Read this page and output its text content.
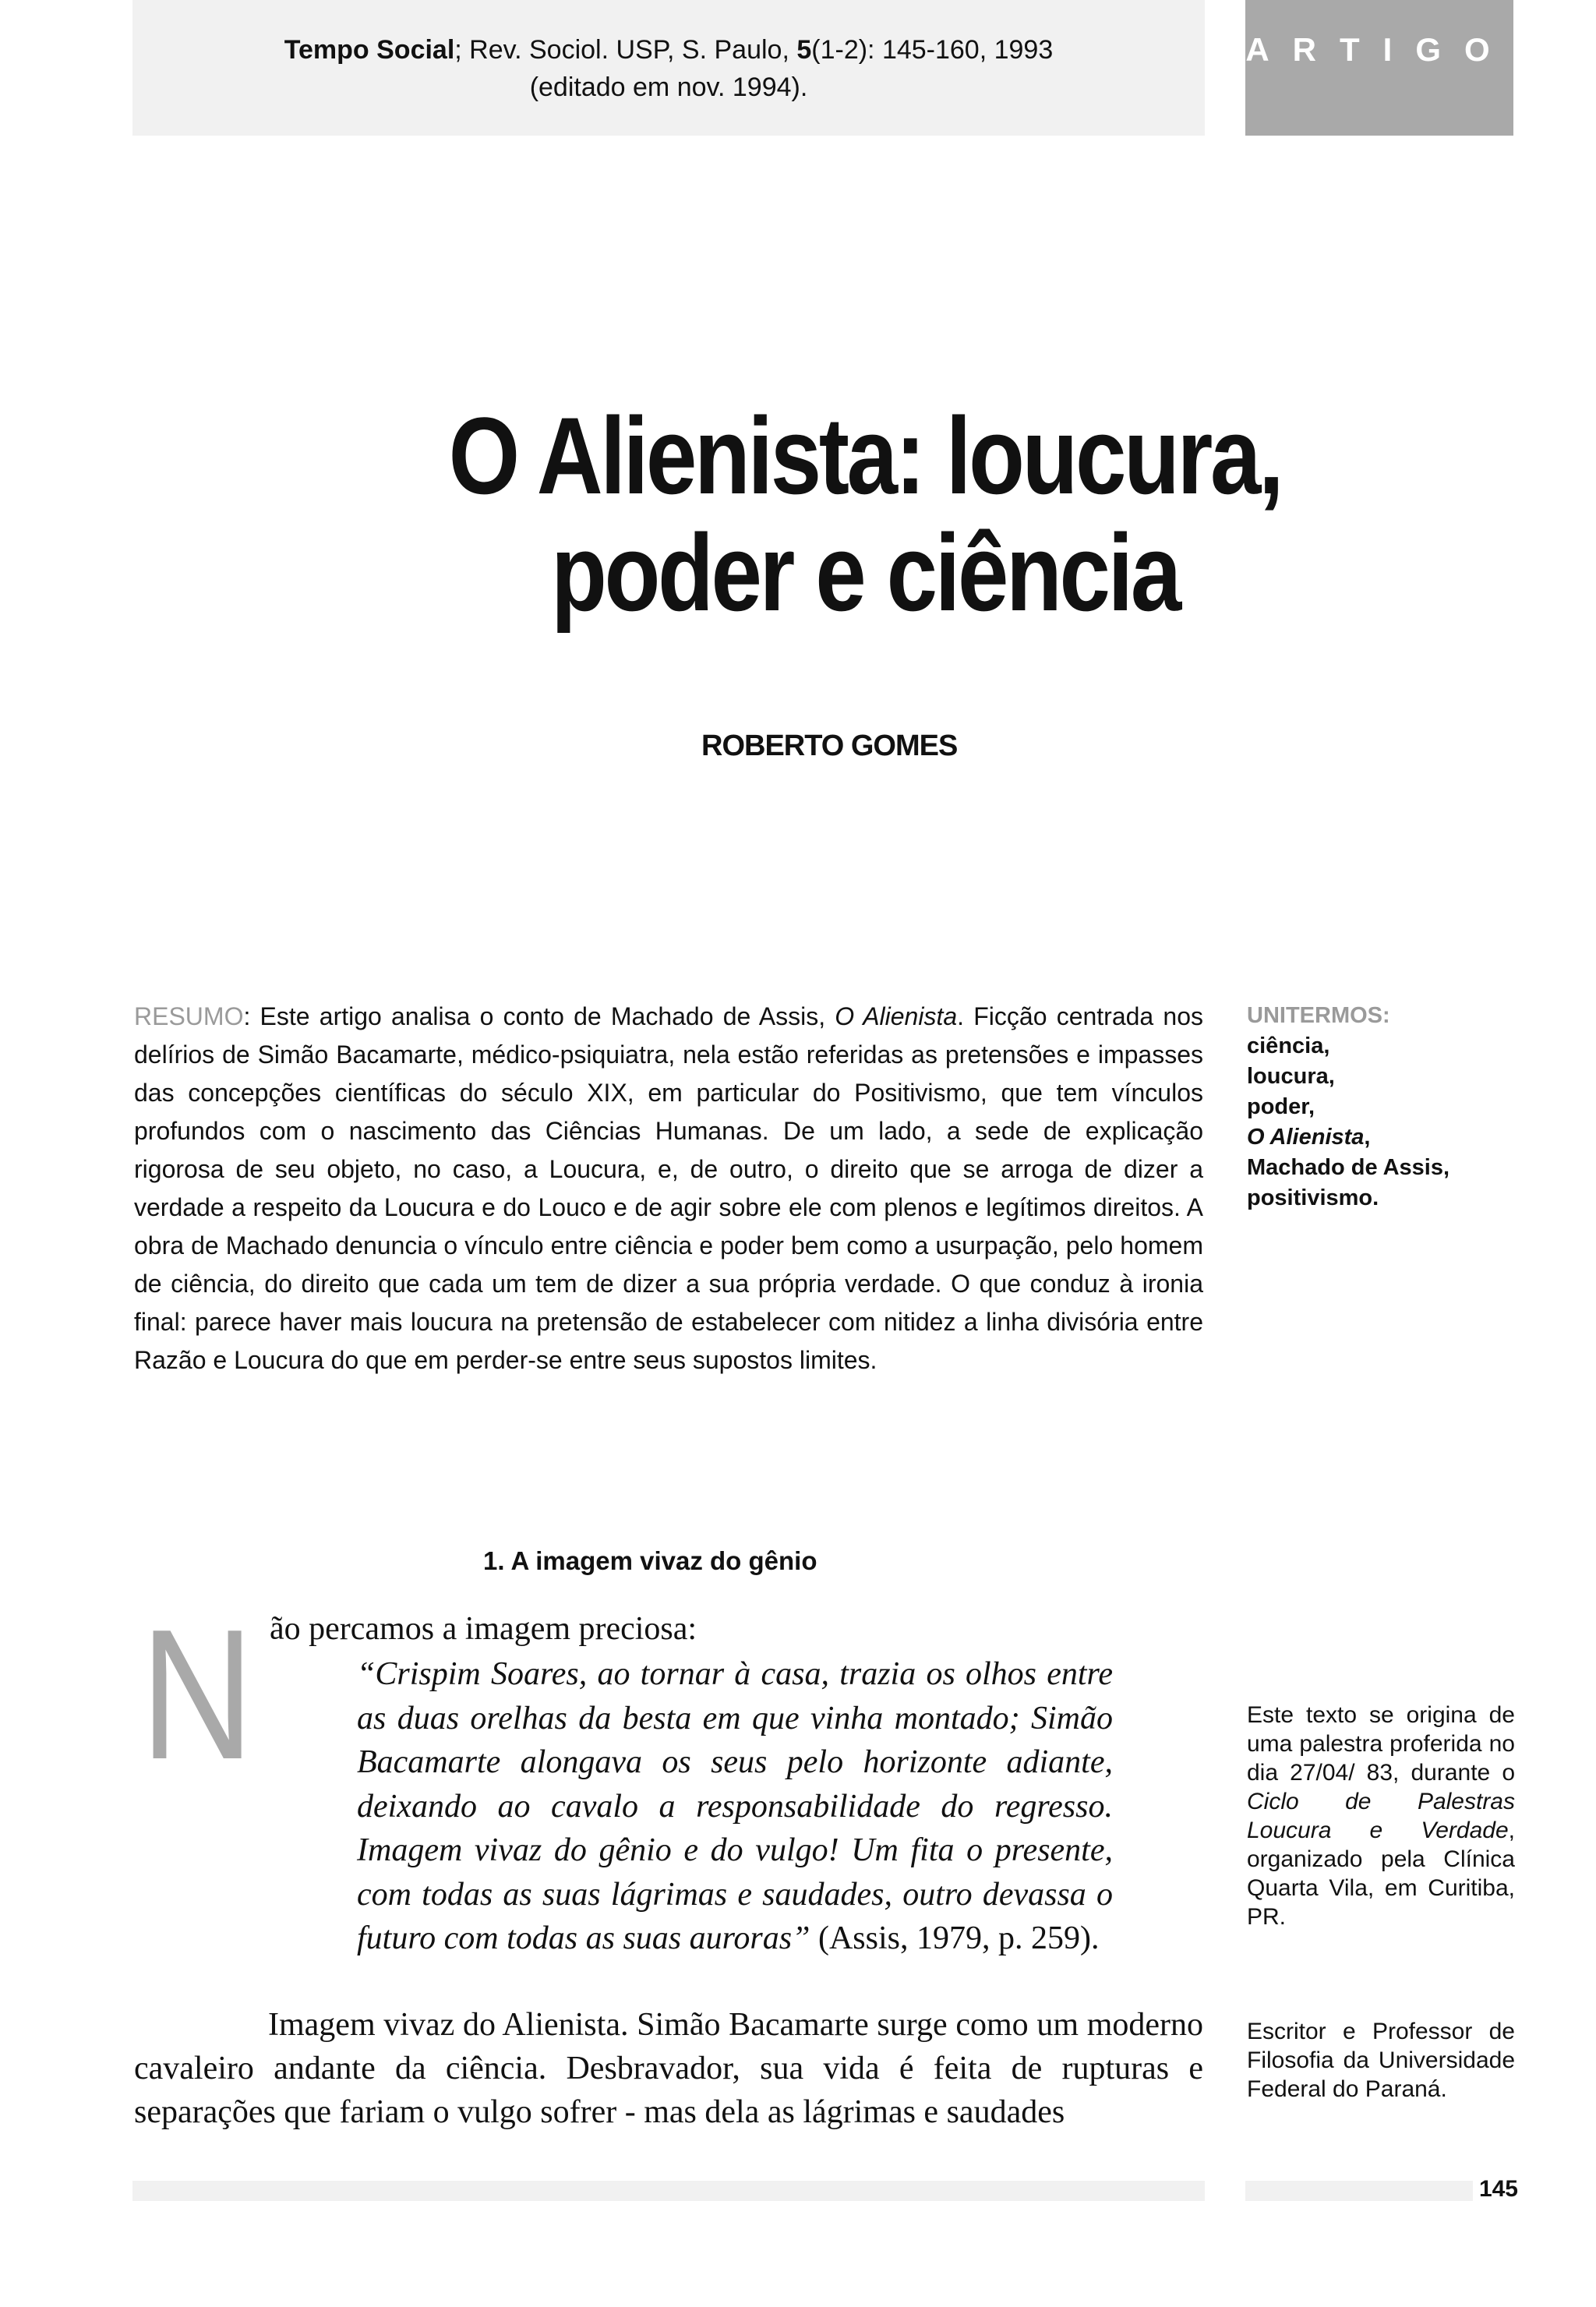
Tempo Social; Rev. Sociol. USP, S. Paulo, 5(1-2): 145-160, 1993
(editado em nov. 1994).
ARTIGO
O Alienista: loucura,
poder e ciência
ROBERTO GOMES
RESUMO: Este artigo analisa o conto de Machado de Assis, O Alienista. Ficção centrada nos delírios de Simão Bacamarte, médico-psiquiatra, nela estão referidas as pretensões e impasses das concepções científicas do século XIX, em particular do Positivismo, que tem vínculos profundos com o nascimento das Ciências Humanas. De um lado, a sede de explicação rigorosa de seu objeto, no caso, a Loucura, e, de outro, o direito que se arroga de dizer a verdade a respeito da Loucura e do Louco e de agir sobre ele com plenos e legítimos direitos. A obra de Machado denuncia o vínculo entre ciência e poder bem como a usurpação, pelo homem de ciência, do direito que cada um tem de dizer a sua própria verdade. O que conduz à ironia final: parece haver mais loucura na pretensão de estabelecer com nitidez a linha divisória entre Razão e Loucura do que em perder-se entre seus supostos limites.
UNITERMOS:
ciência,
loucura,
poder,
O Alienista,
Machado de Assis,
positivismo.
1. A imagem vivaz do gênio
N ão percamos a imagem preciosa:
“Crispim Soares, ao tornar à casa, trazia os olhos entre as duas orelhas da besta em que vinha montado; Simão Bacamarte alongava os seus pelo horizonte adiante, deixando ao cavalo a responsabilidade do regresso. Imagem vivaz do gênio e do vulgo! Um fita o presente, com todas as suas lágrimas e saudades, outro devassa o futuro com todas as suas auroras” (Assis, 1979, p. 259).
Imagem vivaz do Alienista. Simão Bacamarte surge como um moderno cavaleiro andante da ciência. Desbravador, sua vida é feita de rupturas e separações que fariam o vulgo sofrer - mas dela as lágrimas e saudades
Este texto se origina de uma palestra proferida no dia 27/04/ 83, durante o Ciclo de Palestras Loucura e Verdade, organizado pela Clínica Quarta Vila, em Curitiba, PR.
Escritor e Professor de Filosofia da Universidade Federal do Paraná.
145
